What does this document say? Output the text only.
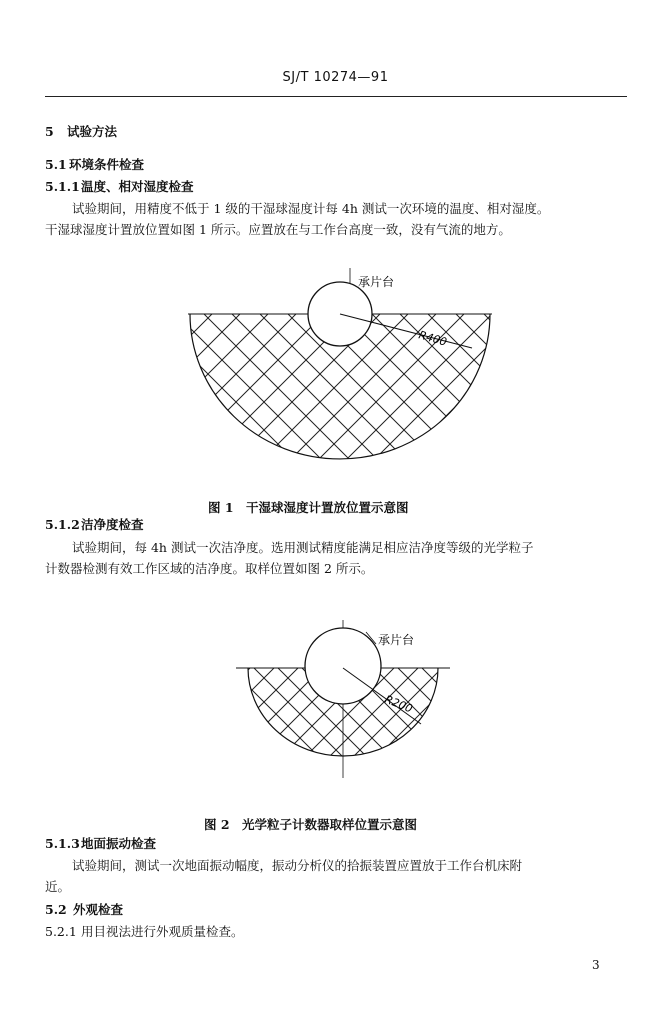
SJ/T 10274—91
5 试验方法
5.1 环境条件检查
5.1.1温度、相对湿度检查
试验期间，用精度不低于 1 级的干湿球湿度计每 4h 测试一次环境的温度、相对湿度。
干湿球湿度计置放位置如图 1 所示。应置放在与工作台高度一致，没有气流的地方。
R400
承片台
图 1　干湿球湿度计置放位置示意图
5.1.2洁净度检查
试验期间，每 4h 测试一次洁净度。选用测试精度能满足相应洁净度等级的光学粒子
计数器检测有效工作区域的洁净度。取样位置如图 2 所示。
R200
承片台
图 2　光学粒子计数器取样位置示意图
5.1.3地面振动检查
试验期间，测试一次地面振动幅度，振动分析仪的拾振装置应置放于工作台机床附
近。
5.2 外观检查
5.2.1 用目视法进行外观质量检查。
3
